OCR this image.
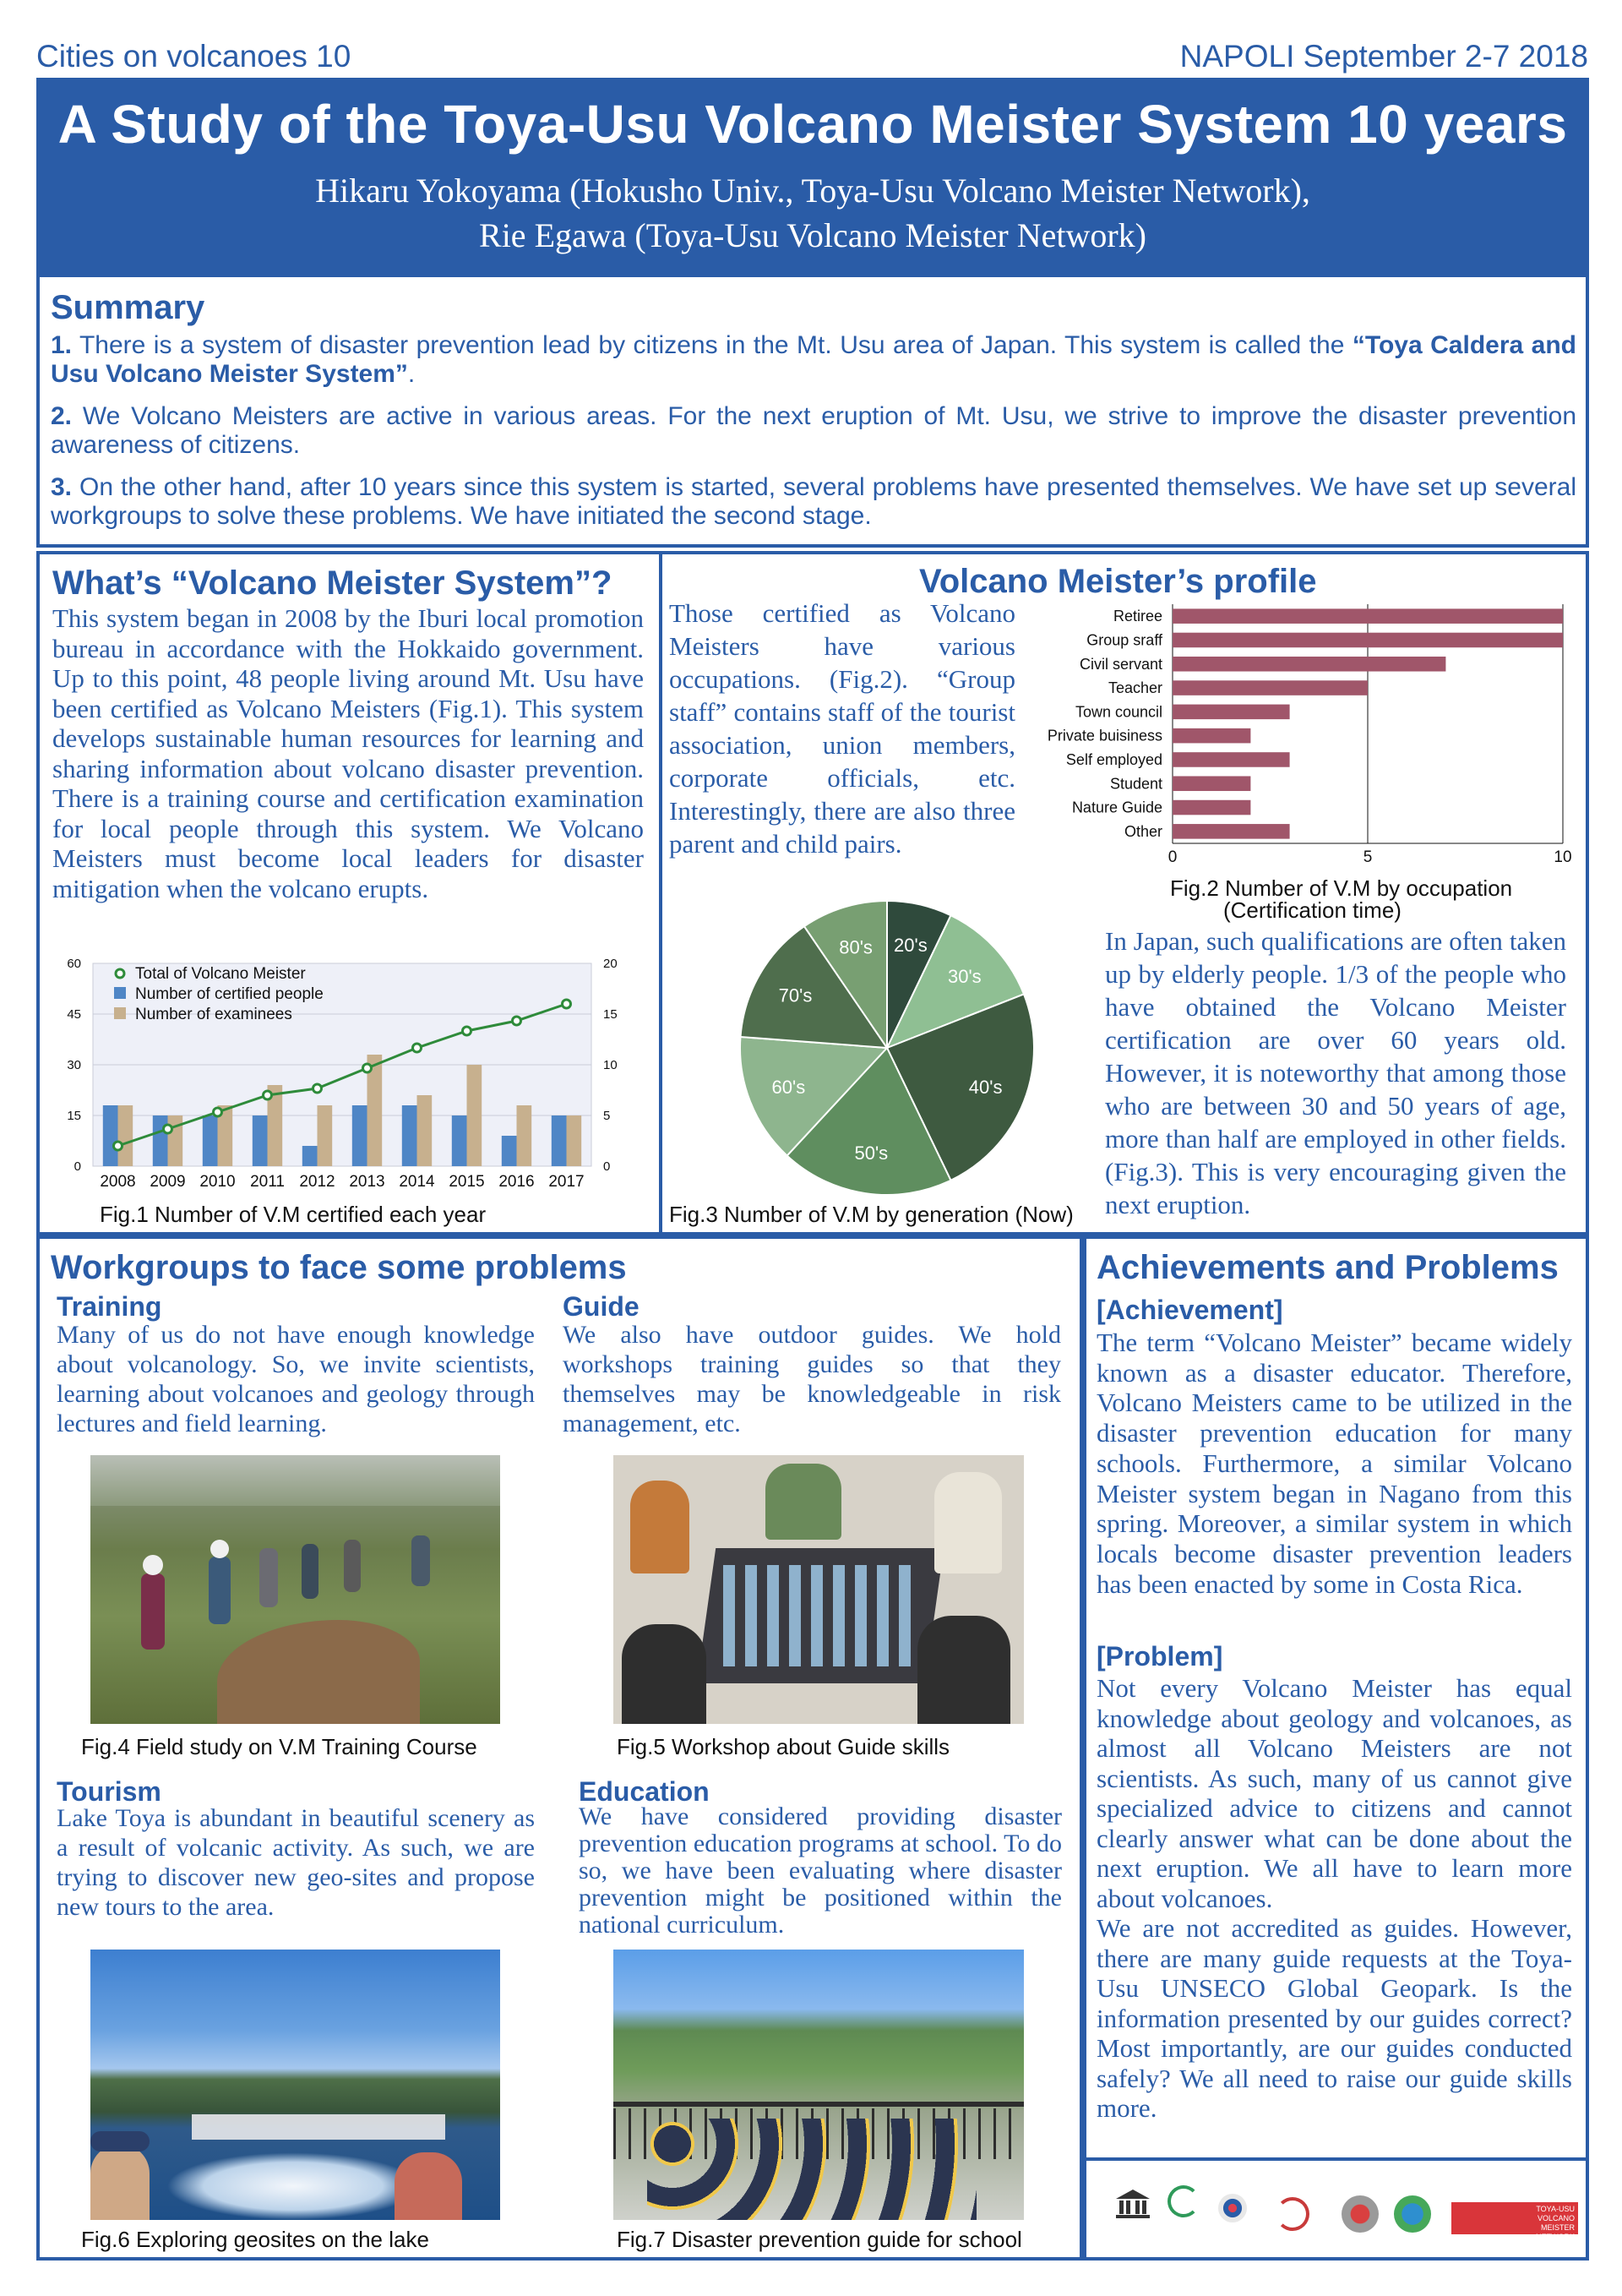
Cities on volcanoes 10	NAPOLI September 2-7 2018
A Study of the Toya-Usu Volcano Meister System 10 years
Hikaru Yokoyama (Hokusho Univ., Toya-Usu Volcano Meister Network),
Rie Egawa (Toya-Usu Volcano Meister Network)
Summary
1. There is a system of disaster prevention lead by citizens in the Mt. Usu area of Japan. This system is called the “Toya Caldera and Usu Volcano Meister System”.
2. We Volcano Meisters are active in various areas. For the next eruption of Mt. Usu, we strive to improve the disaster prevention awareness of citizens.
3. On the other hand, after 10 years since this system is started, several problems have presented themselves. We have set up several workgroups to solve these problems. We have initiated the second stage.
What’s “Volcano Meister System”?
This system began in 2008 by the Iburi local promotion bureau in accordance with the Hokkaido government. Up to this point, 48 people living around Mt. Usu have been certified as Volcano Meisters (Fig.1). This system develops sustainable human resources for learning and sharing information about volcano disaster prevention. There is a training course and certification examination for local people through this system. We Volcano Meisters must become local leaders for disaster mitigation when the volcano erupts.
0	0
15	5
30	10
45	15
60	20
2008 2009 2010 2011 2012 2013 2014 2015 2016 2017
Total of Volcano Meister
Number of certified people
Number of examinees
Fig.1 Number of V.M certified each year
Volcano Meister’s profile
Those certified as Volcano Meisters have various occupations. (Fig.2). “Group staff” contains staff of the tourist association, union members, corporate officials, etc. Interestingly, there are also three parent and child pairs.	0	5	10
Retiree
Group sraff
Civil servant
Teacher
Town council
Private buisiness
Self employed
Student
Nature Guide
Other
Fig.2 Number of V.M by occupation
(Certification time)
20's
30's
40's
50's
60's
70's
80's
Fig.3 Number of V.M by generation (Now)
In Japan, such qualifications are often taken up by elderly people. 1/3 of the people who have obtained the Volcano Meister certification are over 60 years old. However, it is noteworthy that among those who are between 30 and 50 years of age, more than half are employed in other fields. (Fig.3). This is very encouraging given the next eruption.
Workgroups to face some problems
Training
Many of us do not have enough knowledge about volcanology. So, we invite scientists, learning about volcanoes and geology through lectures and field learning.
Guide
We also have outdoor guides. We hold workshops training guides so that they themselves may be knowledgeable in risk management, etc.
Fig.4 Field study on V.M Training Course	Fig.5 Workshop about Guide skills
Tourism
Lake Toya is abundant in beautiful scenery as a result of volcanic activity. As such, we are trying to discover new geo-sites and propose new tours to the area.
Education
We have considered providing disaster prevention education programs at school. To do so, we have been evaluating where disaster prevention might be positioned within the national curriculum.
Fig.6 Exploring geosites on the lake	Fig.7 Disaster prevention guide for school
Achievements and Problems
[Achievement]
The term “Volcano Meister” became widely known as a disaster educator. Therefore, Volcano Meisters came to be utilized in the disaster prevention education for many schools. Furthermore, a similar Volcano Meister system began in Nagano from this spring. Moreover, a similar system in which locals become disaster prevention leaders has been enacted by some in Costa Rica.
[Problem]
Not every Volcano Meister has equal knowledge about geology and volcanoes, as almost all Volcano Meisters are not scientists. As such, many of us cannot give specialized advice to citizens and cannot clearly answer what can be done about the next eruption. We all have to learn more about volcanoes.
We are not accredited as guides. However, there are many guide requests at the Toya-Usu UNSECO Global Geopark. Is the information presented by our guides correct? Most importantly, are our guides conducted safely? We all need to raise our guide skills more.
TOYA-USU
VOLCANO MEISTER
NETWORK
